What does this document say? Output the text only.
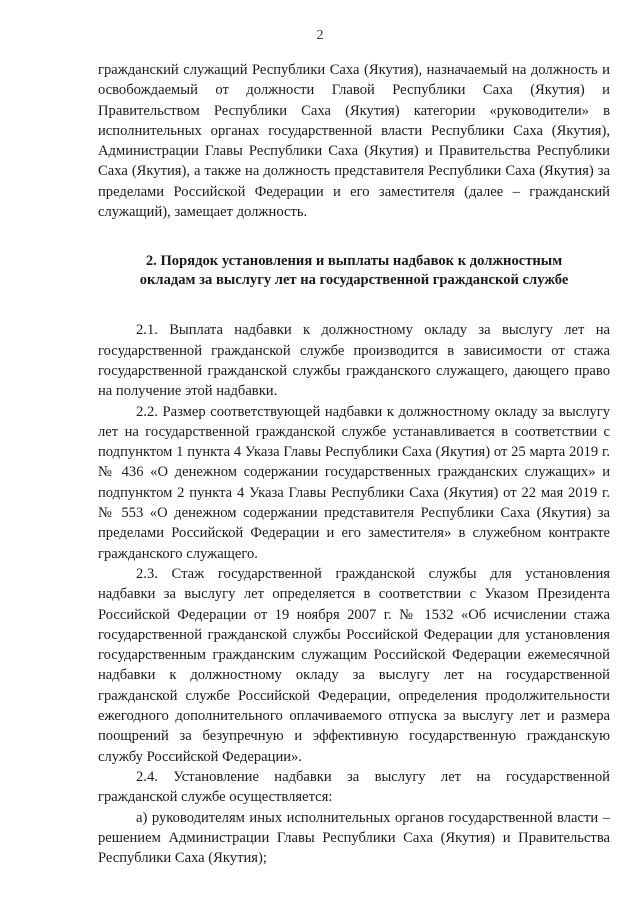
2

гражданский служащий Республики Саха (Якутия), назначаемый на должность и освобождаемый от должности Главой Республики Саха (Якутия) и Правительством Республики Саха (Якутия) категории «руководители» в исполнительных органах государственной власти Республики Саха (Якутия), Администрации Главы Республики Саха (Якутия) и Правительства Республики Саха (Якутия), а также на должность представителя Республики Саха (Якутия) за пределами Российской Федерации и его заместителя (далее – гражданский служащий), замещает должность.

2. Порядок установления и выплаты надбавок к должностным окладам за выслугу лет на государственной гражданской службе

2.1. Выплата надбавки к должностному окладу за выслугу лет на государственной гражданской службе производится в зависимости от стажа государственной гражданской службы гражданского служащего, дающего право на получение этой надбавки.

2.2. Размер соответствующей надбавки к должностному окладу за выслугу лет на государственной гражданской службе устанавливается в соответствии с подпунктом 1 пункта 4 Указа Главы Республики Саха (Якутия) от 25 марта 2019 г. № 436 «О денежном содержании государственных гражданских служащих» и подпунктом 2 пункта 4 Указа Главы Республики Саха (Якутия) от 22 мая 2019 г. № 553 «О денежном содержании представителя Республики Саха (Якутия) за пределами Российской Федерации и его заместителя» в служебном контракте гражданского служащего.

2.3. Стаж государственной гражданской службы для установления надбавки за выслугу лет определяется в соответствии с Указом Президента Российской Федерации от 19 ноября 2007 г. № 1532 «Об исчислении стажа государственной гражданской службы Российской Федерации для установления государственным гражданским служащим Российской Федерации ежемесячной надбавки к должностному окладу за выслугу лет на государственной гражданской службе Российской Федерации, определения продолжительности ежегодного дополнительного оплачиваемого отпуска за выслугу лет и размера поощрений за безупречную и эффективную государственную гражданскую службу Российской Федерации».

2.4. Установление надбавки за выслугу лет на государственной гражданской службе осуществляется:

а) руководителям иных исполнительных органов государственной власти – решением Администрации Главы Республики Саха (Якутия) и Правительства Республики Саха (Якутия);
